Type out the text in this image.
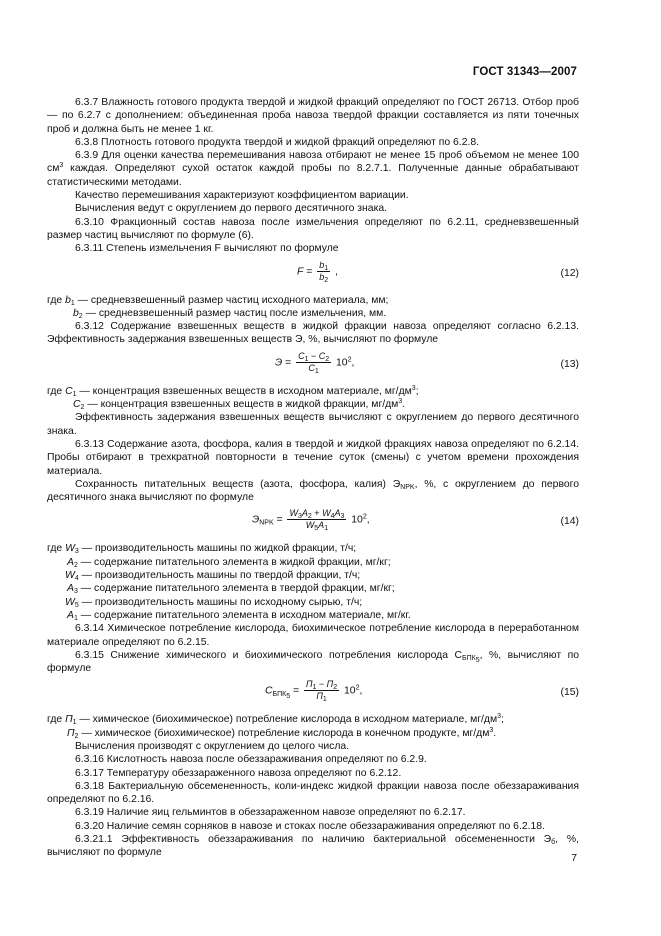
ГОСТ 31343—2007

6.3.7 Влажность готового продукта твердой и жидкой фракций определяют по ГОСТ 26713. Отбор проб — по 6.2.7 с дополнением: объединенная проба навоза твердой фракции составляется из пяти точечных проб и должна быть не менее 1 кг.

6.3.8 Плотность готового продукта твердой и жидкой фракций определяют по 6.2.8.

6.3.9 Для оценки качества перемешивания навоза отбирают не менее 15 проб объемом не менее 100 $см^3$ каждая. Определяют сухой остаток каждой пробы по 8.2.7.1. Полученные данные обрабатывают статистическими методами.

Качество перемешивания характеризуют коэффициентом вариации.

Вычисления ведут с округлением до первого десятичного знака.

6.3.10 Фракционный состав навоза после измельчения определяют по 6.2.11, средневзвешенный размер частиц вычисляют по формуле (6).

6.3.11 Степень измельчения F вычисляют по формуле

$F = \frac{b_1}{b_2}$ ,	(12)

где $b_1$ — средневзвешенный размер частиц исходного материала, мм;

$b_2$ — средневзвешенный размер частиц после измельчения, мм.

6.3.12 Содержание взвешенных веществ в жидкой фракции навоза определяют согласно 6.2.13. Эффективность задержания взвешенных веществ Э, %, вычисляют по формуле

$Э = \frac{C_1 - C_2}{C_1} 10^2$,	(13)

где $C_1$ — концентрация взвешенных веществ в исходном материале, $мг/дм^3$;

$C_2$ — концентрация взвешенных веществ в жидкой фракции, $мг/дм^3$.

Эффективность задержания взвешенных веществ вычисляют с округлением до первого десятичного знака.

6.3.13 Содержание азота, фосфора, калия в твердой и жидкой фракциях навоза определяют по 6.2.14. Пробы отбирают в трехкратной повторности в течение суток (смены) с учетом времени прохождения материала.

Сохранность питательных веществ (азота, фосфора, калия) $Э_{NPK}$, %, с округлением до первого десятичного знака вычисляют по формуле

$Э_{NPK} = \frac{W_3A_2 + W_4A_3}{W_5A_1} 10^2$,	(14)

где $W_3$ — производительность машины по жидкой фракции, т/ч;

$A_2$ — содержание питательного элемента в жидкой фракции, мг/кг;

$W_4$ — производительность машины по твердой фракции, т/ч;

$A_3$ — содержание питательного элемента в твердой фракции, мг/кг;

$W_5$ — производительность машины по исходному сырью, т/ч;

$A_1$ — содержание питательного элемента в исходном материале, мг/кг.

6.3.14 Химическое потребление кислорода, биохимическое потребление кислорода в переработанном материале определяют по 6.2.15.

6.3.15 Снижение химического и биохимического потребления кислорода $С_{БПК_5}$, %, вычисляют по формуле

$С_{БПК_5} = \frac{П_1 - П_2}{П_1} 10^2$,	(15)

где $П_1$ — химическое (биохимическое) потребление кислорода в исходном материале, $мг/дм^3$;

$П_2$ — химическое (биохимическое) потребление кислорода в конечном продукте, $мг/дм^3$.

Вычисления производят с округлением до целого числа.

6.3.16 Кислотность навоза после обеззараживания определяют по 6.2.9.

6.3.17 Температуру обеззараженного навоза определяют по 6.2.12.

6.3.18 Бактериальную обсемененность, коли-индекс жидкой фракции навоза после обеззараживания определяют по 6.2.16.

6.3.19 Наличие яиц гельминтов в обеззараженном навозе определяют по 6.2.17.

6.3.20 Наличие семян сорняков в навозе и стоках после обеззараживания определяют по 6.2.18.

6.3.21.1 Эффективность обеззараживания по наличию бактериальной обсемененности $Э_б$, %, вычисляют по формуле

7
